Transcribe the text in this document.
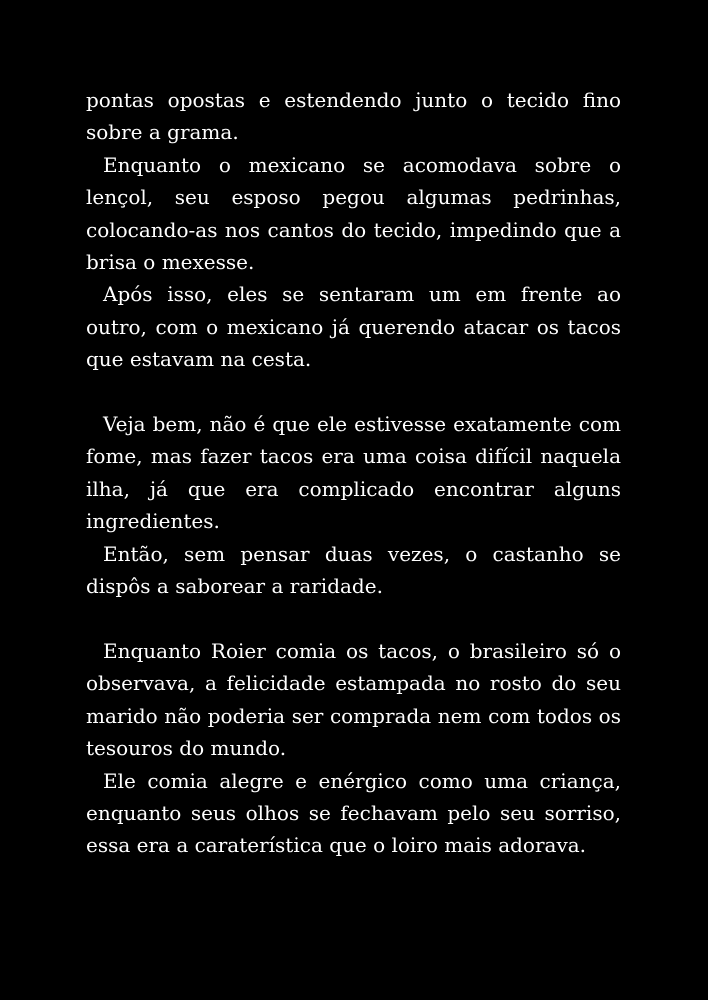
pontas opostas e estendendo junto o tecido fino sobre a grama.

Enquanto o mexicano se acomodava sobre o lençol, seu esposo pegou algumas pedrinhas, colocando-as nos cantos do tecido, impedindo que a brisa o mexesse.

Após isso, eles se sentaram um em frente ao outro, com o mexicano já querendo atacar os tacos que estavam na cesta.

Veja bem, não é que ele estivesse exatamente com fome, mas fazer tacos era uma coisa difícil naquela ilha, já que era complicado encontrar alguns ingredientes.

Então, sem pensar duas vezes, o castanho se dispôs a saborear a raridade.

Enquanto Roier comia os tacos, o brasileiro só o observava, a felicidade estampada no rosto do seu marido não poderia ser comprada nem com todos os tesouros do mundo.

Ele comia alegre e enérgico como uma criança, enquanto seus olhos se fechavam pelo seu sorriso, essa era a caraterística que o loiro mais adorava.
